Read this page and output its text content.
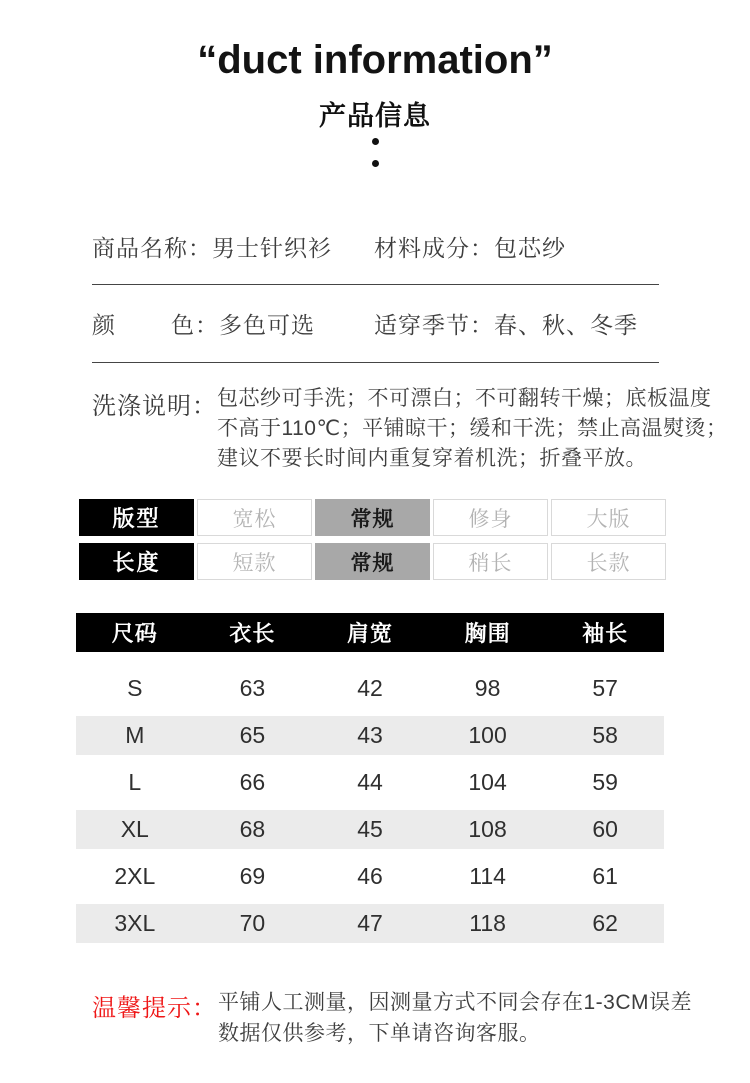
“duct information”
产品信息
商品名称：男士针织衫 材料成分：包芯纱
颜色：多色可选	适穿季节：春、秋、冬季
洗涤说明： 包芯纱可手洗；不可漂白；不可翻转干燥；底板温度
不高于110℃；平铺晾干；缓和干洗；禁止高温熨烫；
建议不要长时间内重复穿着机洗；折叠平放。
版型	宽松	常规	修身	大版
长度	短款	常规	稍长	长款
尺码	衣长	肩宽	胸围	袖长
S	63	42	98	57
M	65	43	100	58
L	66	44	104	59
XL	68	45	108	60
2XL	69	46	114	61
3XL	70	47	118	62
温馨提示： 平铺人工测量，因测量方式不同会存在1-3CM误差
数据仅供参考，下单请咨询客服。
